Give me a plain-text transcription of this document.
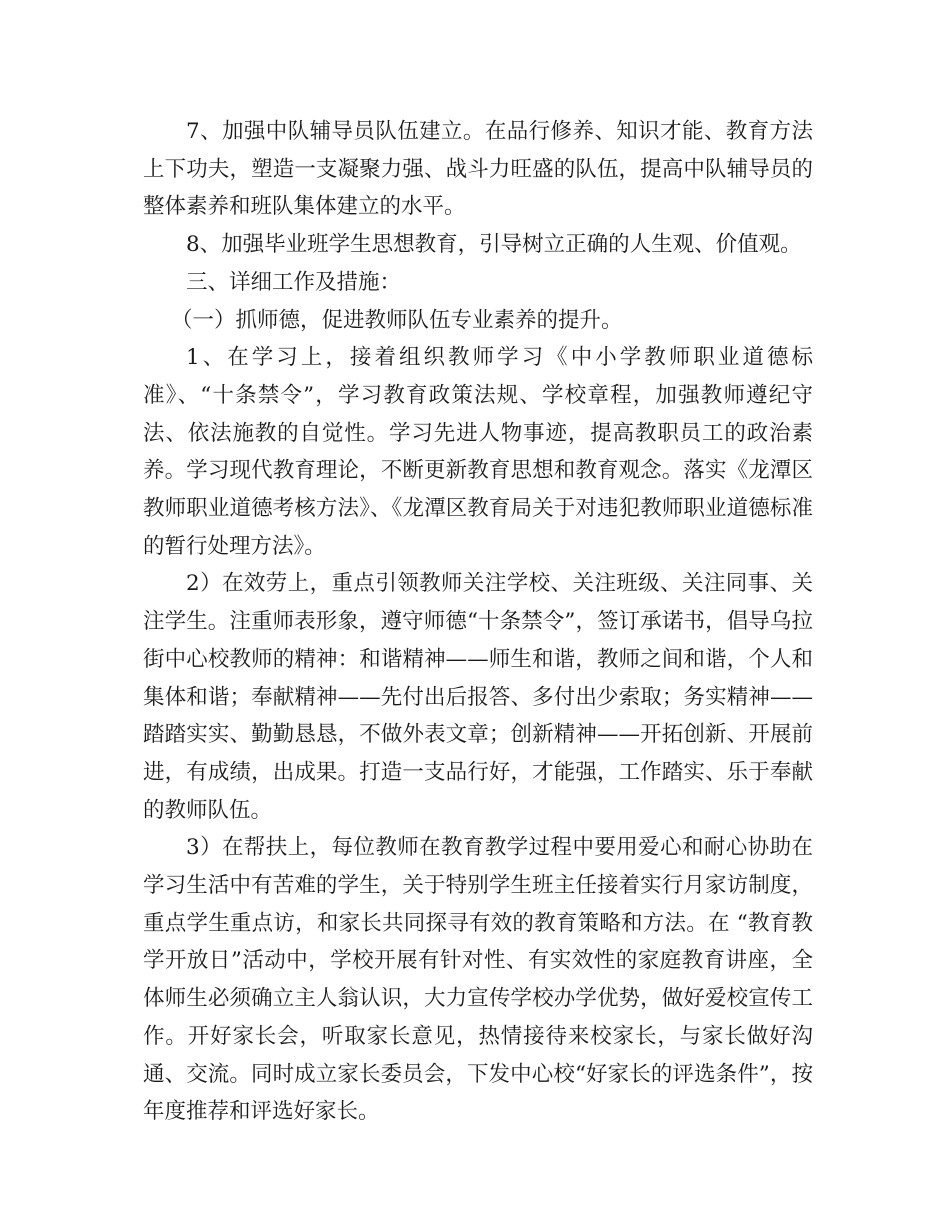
7、加强中队辅导员队伍建立。在品行修养、知识才能、教育方法上下功夫，塑造一支凝聚力强、战斗力旺盛的队伍，提高中队辅导员的整体素养和班队集体建立的水平。

8、加强毕业班学生思想教育，引导树立正确的人生观、价值观。

三、详细工作及措施：

（一）抓师德，促进教师队伍专业素养的提升。

1、在学习上，接着组织教师学习《中小学教师职业道德标准》、“十条禁令”，学习教育政策法规、学校章程，加强教师遵纪守法、依法施教的自觉性。学习先进人物事迹，提高教职员工的政治素养。学习现代教育理论，不断更新教育思想和教育观念。落实《龙潭区教师职业道德考核方法》、《龙潭区教育局关于对违犯教师职业道德标准的暂行处理方法》。

2）在效劳上，重点引领教师关注学校、关注班级、关注同事、关注学生。注重师表形象，遵守师德“十条禁令”，签订承诺书，倡导乌拉街中心校教师的精神：和谐精神——师生和谐，教师之间和谐，个人和集体和谐；奉献精神——先付出后报答、多付出少索取；务实精神——踏踏实实、勤勤恳恳，不做外表文章；创新精神——开拓创新、开展前进，有成绩，出成果。打造一支品行好，才能强，工作踏实、乐于奉献的教师队伍。

3）在帮扶上，每位教师在教育教学过程中要用爱心和耐心协助在学习生活中有苦难的学生，关于特别学生班主任接着实行月家访制度，重点学生重点访，和家长共同探寻有效的教育策略和方法。在 “教育教学开放日”活动中，学校开展有针对性、有实效性的家庭教育讲座，全体师生必须确立主人翁认识，大力宣传学校办学优势，做好爱校宣传工作。开好家长会，听取家长意见，热情接待来校家长，与家长做好沟通、交流。同时成立家长委员会，下发中心校“好家长的评选条件”，按年度推荐和评选好家长。
